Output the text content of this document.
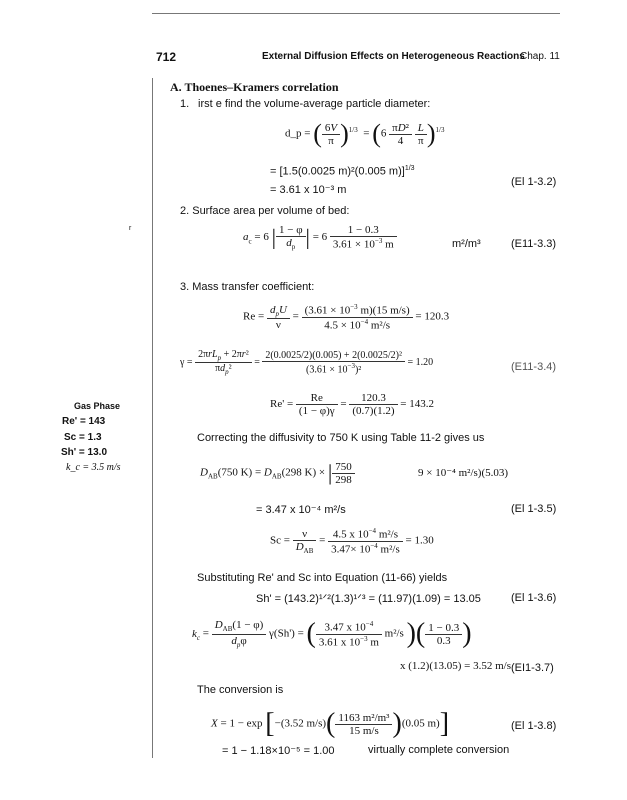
712	External Diffusion Effects on Heterogeneous Reactions
Chap. 11
A. Thoenes–Kramers correlation
r
1. irst e find the volume-average particle diameter:
d_p = ( $\frac{6V}{\pi} )^{1/3} = (6 \frac{\text{πD²}}{4}$
$\frac{L}{\pi} )^{1/3}$
= [1.5(0.0025 m)²(0.005 m)]$^{1/3}$
(El 1-3.2)
= 3.61 x 10⁻³ m
2. Surface area per volume of bed:
$a_c = 6$ | $\frac{1 - \varphi}{d_p}$ | = $6 \frac{1 - 0.3}{3.61 \times 10^{-3} m}$	m²/m³	(E11-3.3)
3. Mass transfer coefficient:
$Re = \frac{d_pU}{\nu} = \frac{(3.61 \times 10^{-3} m)(15 m/s)}{4.5 \times 10^{-4} m^2/s} = 120.3$
$\gamma = \frac{2\pi rL_p + 2\pi r^2}{\pi d_p^2} = \frac{\text{2(0.0025/2)(0.005) + 2(0.0025/2)²}}{(3.61 \times 10^{-3})^2} = 1.20$	(E11-3.4)
Gas Phase
Re' = 143
Sc = 1.3
Sh' = 13.0
k_c = 3.5 m/s
$Re' = \frac{Re}{(1 - \varphi)\gamma} = \frac{120.3}{(0.7)(1.2)} = 143.2$
Correcting the diffusivity to 750 K using Table 11-2 gives us
$D_{AB}(750$ $K) = D_{AB}(298$ K) × | $\frac{750}{298}$	9 × 10⁻⁴ m²/s)(5.03)
= 3.47 x 10⁻⁴ m²/s	(El 1-3.5)
$Sc = \frac{\nu}{D_{AB}} = \frac{4.5 x 10^{-4} m^2/s}{3.47\times 10^{-4} m^2/s} = 1.30$
Substituting Re' and Sc into Equation (11-66) yields
Sh' = (143.2)¹ᐟ²(1.3)¹ᐟ³ = (11.97)(1.09) = 13.05	(El 1-3.6)
$k_c = \frac{D_{AB}(1 - \varphi)}{d_p\varphi} \gamma(Sh')$ = ( $\frac{3.47 x 10^{-4}}{3.61 x 10^{-3} m} m^2/s$ )( $\frac{1 - 0.3}{0.3}$ )
x (1.2)(13.05) = 3.52 m/s (EI1-3.7)
The conversion is
X = 1 − exp [−(3.52 $m/s)( \frac{\text{1163 m²/m³}}{15 m/s} )(0.05$ m)]	(El 1-3.8)
= 1 − 1.18×10⁻⁵ = 1.00	virtually complete conversion
